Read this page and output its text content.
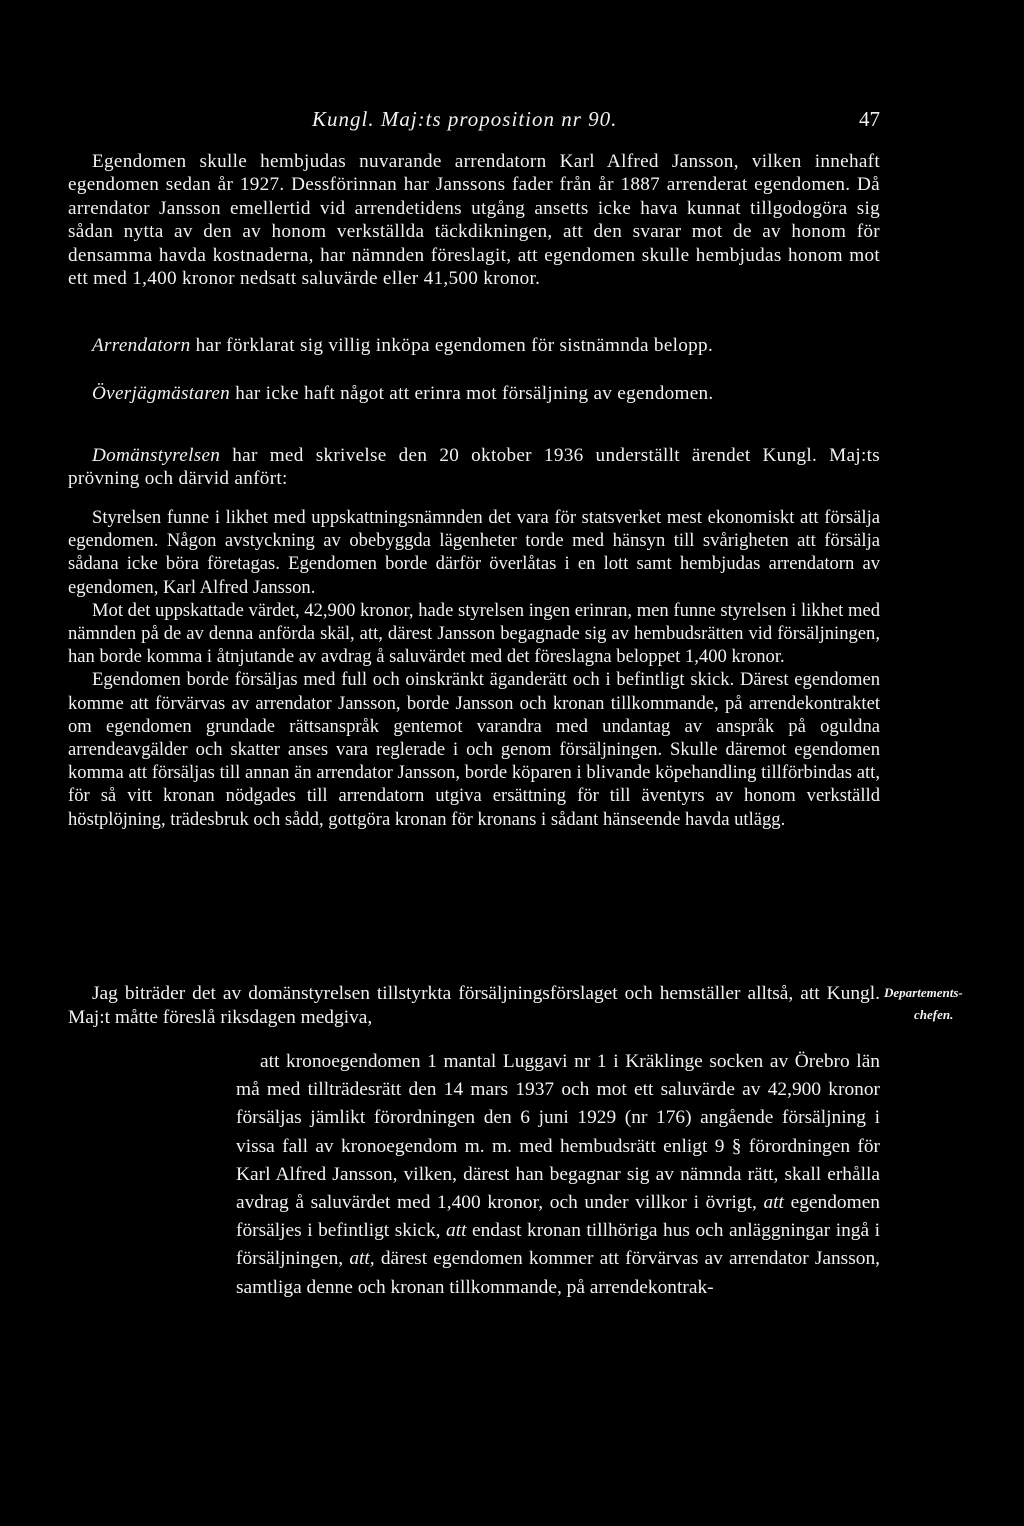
Kungl. Maj:ts proposition nr 90.	47
Egendomen skulle hembjudas nuvarande arrendatorn Karl Alfred Jansson, vilken innehaft egendomen sedan år 1927. Dessförinnan har Janssons fader från år 1887 arrenderat egendomen. Då arrendator Jansson emellertid vid arrendetidens utgång ansetts icke hava kunnat tillgodogöra sig sådan nytta av den av honom verkställda täckdikningen, att den svarar mot de av honom för densamma havda kostnaderna, har nämnden föreslagit, att egendomen skulle hembjudas honom mot ett med 1,400 kronor nedsatt saluvärde eller 41,500 kronor.
Arrendatorn har förklarat sig villig inköpa egendomen för sistnämnda belopp.
Överjägmästaren har icke haft något att erinra mot försäljning av egendomen.
Domänstyrelsen har med skrivelse den 20 oktober 1936 underställt ärendet Kungl. Maj:ts prövning och därvid anfört:

Styrelsen funne i likhet med uppskattningsnämnden det vara för statsverket mest ekonomiskt att försälja egendomen. Någon avstyckning av obebyggda lägenheter torde med hänsyn till svårigheten att försälja sådana icke böra företagas. Egendomen borde därför överlåtas i en lott samt hembjudas arrendatorn av egendomen, Karl Alfred Jansson.

Mot det uppskattade värdet, 42,900 kronor, hade styrelsen ingen erinran, men funne styrelsen i likhet med nämnden på de av denna anförda skäl, att, därest Jansson begagnade sig av hembudsrätten vid försäljningen, han borde komma i åtnjutande av avdrag å saluvärdet med det föreslagna beloppet 1,400 kronor.

Egendomen borde försäljas med full och oinskränkt äganderätt och i befintligt skick. Därest egendomen komme att förvärvas av arrendator Jansson, borde Jansson och kronan tillkommande, på arrendekontraktet om egendomen grundade rättsanspråk gentemot varandra med undantag av anspråk på oguldna arrendeavgälder och skatter anses vara reglerade i och genom försäljningen. Skulle däremot egendomen komma att försäljas till annan än arrendator Jansson, borde köparen i blivande köpehandling tillförbindas att, för så vitt kronan nödgades till arrendatorn utgiva ersättning för till äventyrs av honom verkställd höstplöjning, trädesbruk och sådd, gottgöra kronan för kronans i sådant hänseende havda utlägg.

Jag biträder det av domänstyrelsen tillstyrkta försäljningsförslaget och hemställer alltså, att Kungl. Maj:t måtte föreslå riksdagen medgiva,

Departements-
chefen.
att kronoegendomen 1 mantal Luggavi nr 1 i Kräklinge socken av Örebro län må med tillträdesrätt den 14 mars 1937 och mot ett saluvärde av 42,900 kronor försäljas jämlikt förordningen den 6 juni 1929 (nr 176) angående försäljning i vissa fall av kronoegendom m. m. med hembudsrätt enligt 9 § förordningen för Karl Alfred Jansson, vilken, därest han begagnar sig av nämnda rätt, skall erhålla avdrag å saluvärdet med 1,400 kronor, och under villkor i övrigt, att egendomen försäljes i befintligt skick, att endast kronan tillhöriga hus och anläggningar ingå i försäljningen, att, därest egendomen kommer att förvärvas av arrendator Jansson, samtliga denne och kronan tillkommande, på arrendekontrak-
